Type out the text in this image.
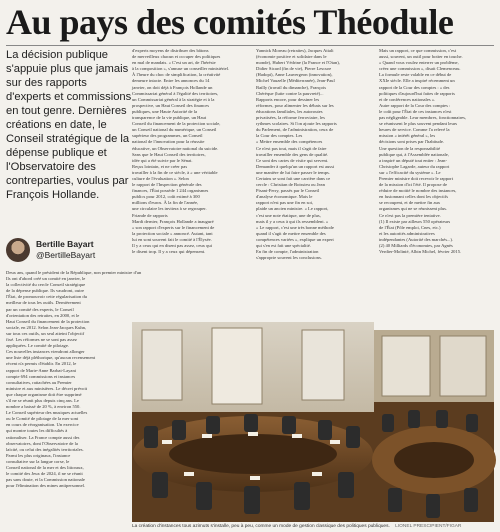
Au pays des comités Théodule
La décision publique s'appuie plus que jamais sur des rapports d'experts et commissions en tout genre. Dernières créations en date, le Conseil stratégique de la dépense publique et l'Observatoire des contreparties, voulus par François Hollande.
Bertille Bayart
@BertilleBayart
Deux ans, quand le président de la République, non premier ministre d'un
Ils ont d'abord créé un comité en janvier, le
la collectivité du cercle Conseil stratégique
de la dépense publique. Ils vaudront, outre
l'État, de promouvoir cette régularisation du
meilleur de tous les outils. Dernièrement
par un comité des experts, le Conseil
d'orientation des retraites, en 2000, et le
Haut Conseil du financement de la protection
sociale, en 2012. Selon Jean-Jacques Kuhn,
sur tous ces outils, un seul atteint l'objectif
fixé. Les réformes ne se sont pas assez
appliquées. Le comité de pilotage.
Ces nouvelles instances viendront allonger
une liste déjà pléthorique, qu'aucun recensement
récent n'a permis d'établir. En 2012, le
rapport de Marie-Anne Barbat-Layani
compte 694 commissions et instances
consultatives, rattachées au Premier
ministre et aux ministères. Le décret prévoit
que chaque organisme doit être supprimé
s'il ne se réunit plus depuis cinq ans. Le
nombre a baissé de 20 %, à environ 550.
Le Conseil supérieur des musiques actuelles
ou le Comité de pilotage de la mer sont
en cours de réorganisation. Un exercice
qui montre toutes les difficultés à
rationaliser. La France compte aussi des
observatoires, dont l'Observatoire de la
laïcité, ou celui des inégalités territoriales.
Parmi les plus originaux, l'instance
consultative sur la langue corse, le
Conseil national de la mer et des littoraux,
le comité des Jeux de 2024, il ne se réunit
pas sans doute, et la Commission nationale
pour l'élimination des mines antipersonnel.
d'experts moyens de distribuer des bâtons
de merveilleux chacun et occuper des politiques
en mal de mandats. « C'est un art, de l'hérésie
à la composition », s'amuse un conseiller ministériel.
À l'heure du choc de simplification, la créativité
demeure intacte. Entre les annonces du 14
janvier, on doit déjà à François Hollande un
Commissariat général à l'égalité des territoires,
un Commissariat général à la stratégie et à la
prospective, un Haut Conseil des finances
publiques, une Haute Autorité de la
transparence de la vie publique, un Haut
Conseil du financement de la protection sociale,
un Conseil national du numérique, un Conseil
supérieur des programmes, un Conseil
national de l'innovation pour la réussite
éducative, un Observatoire national du suicide.
Sans que le Haut Conseil des territoires,
idée qui a été suivie par le Sénat.
Reçus lointain, et ne créer pas
travailler à la fin de ce siècle, à « une véritable
culture de l'évaluation ». Selon
le rapport de l'Inspection générale des
finances, l'État possède 1 244 organismes
publics pour 2012, coût estimé à 300
millions d'euros. À la fin de l'année,
une circulaire les invitera à se regrouper.
Friande de rapports
Mardi dernier, François Hollande a inauguré
« son rapport d'experts sur le financement de
la protection sociale » annoncé. Autant, tant
lui en sont souvent fait le comité à l'Élysée.
Il y a ceux qui en disent pas assez, ceux qui
le disent trop. Il y a ceux qui dépensent.
Yannick Moreau (retraites), Jacques Attali
(économie positive et solidaire dans le
monde), Hubert Védrine (la France et l'Otan),
Didier Sicard (fin de vie), Pierre Lescure
(Hadopi), Anne Lauvergeon (innovation),
Michel Vauzelle (Méditerranée), Jean-Paul
Bailly (travail du dimanche), François
Chérèque (lutte contre la pauvreté)...
Rapports encore, pour dessiner les
réformes, pour alimenter les débats sur les
éducations familiales, les autoroutes
privatisées, la réforme ferroviaire, les
rythmes scolaires. Si l'on ajoute les rapports
du Parlement, de l'administration, ceux de
la Cour des comptes. Les
« Mettre ensemble des compétences
Ce n'est pas tout, mais il s'agit de faire
travailler ensemble des gens de qualité.
Ce sont des cartes de visite qui servent.
Demander à quelqu'un un rapport est aussi
une manière de lui faire passer le temps.
Certains se sont fait une carrière dans ce
cercle : Christian de Boissieu ou Jean
Pisani-Ferry, passés par le Conseil
d'analyse économique. Mais le
rapport n'est pas une fin en soi,
plaide un ancien ministre. « Le rapport,
c'est une note étatique, une de plus,
mais il y a ceux à qui ils ressemblent. »
« Le rapport, c'est une très bonne méthode
quand il s'agit de mettre ensemble des
compétences variées », explique un expert
qui s'en est fait une spécialité.
En fin de compte, l'administration
s'approprie souvent les conclusions.
Mais un rapport, ce que commission, c'est
aussi, souvent, un outil pour botter en touche.
« Quand vous voulez enterrer un problème,
créez une commission », disait Clemenceau.
La formule reste valable en ce début de
XXIe siècle. Elle a inspiré récemment un
rapport de la Cour des comptes : « des
politiques d'aujourd'hui faites de rapports
et de conférences nationales ».
Autre rapport de la Cour des comptes :
le coût pour l'État de ces instances n'est
pas négligeable. Leur membres, fonctionnaires,
se réunissent le plus souvent pendant leurs
heures de service. Comme l'a relevé la
mission « intérêt général », les
décisions sont prises par l'habitude.
Une question de la responsabilité
publique qui, à l'Assemblée nationale,
a inspiré un député tout entier : Jean-
Christophe Lagarde, auteur du rapport
sur « l'efficacité du système ». Le
Premier ministre doit recevoir le rapport
de la mission d'ici l'été. Il propose de
réduire de moitié le nombre des instances,
en fusionnant celles dont les objectifs
se recoupent, et de mettre fin aux
organismes qui ne se réunissent plus.
Ce n'est pas la première tentative.
(1) Il existe par ailleurs 550 opérateurs
de l'État (Pôle emploi, Cnes, etc.)
et les autorités administratives
indépendantes (Autorité des marchés...).
(2) 40 Milliards d'économies, par Agnès
Verdier-Molinié, Albin Michel, février 2015.
La création d'instances tous azimuts s'installe, peu à peu, comme un mode de gestion classique des politiques publiques. LIONEL PRESCIPIENT/FIGAR
